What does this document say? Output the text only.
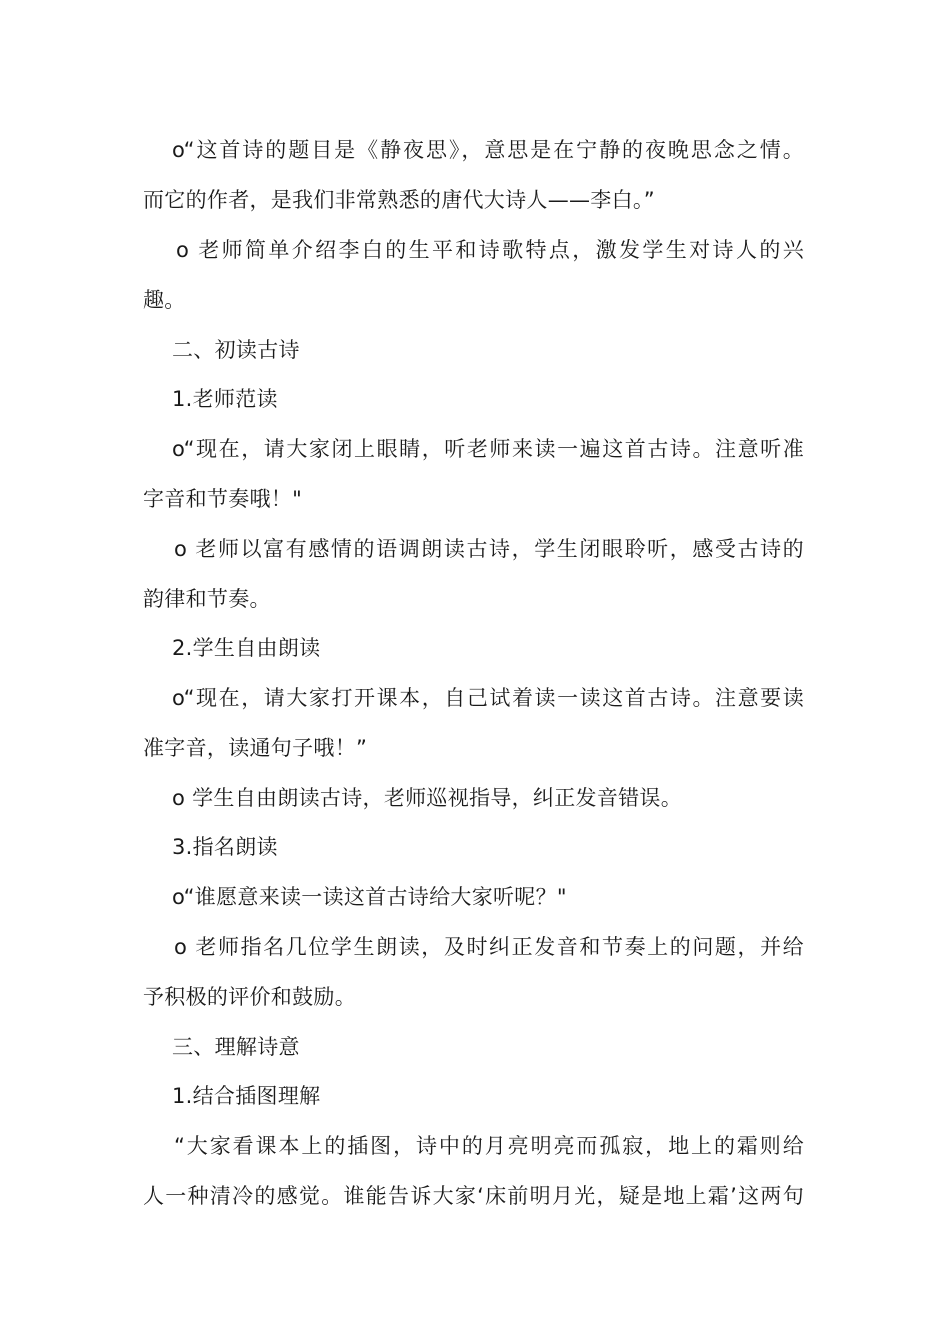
o“这首诗的题目是《静夜思》，意思是在宁静的夜晚思念之情。
而它的作者，是我们非常熟悉的唐代大诗人——李白。”
o 老师简单介绍李白的生平和诗歌特点，激发学生对诗人的兴
趣。
二、初读古诗
1.老师范读
o“现在，请大家闭上眼睛，听老师来读一遍这首古诗。注意听准
字音和节奏哦！"
o 老师以富有感情的语调朗读古诗，学生闭眼聆听，感受古诗的
韵律和节奏。
2.学生自由朗读
o“现在，请大家打开课本，自己试着读一读这首古诗。注意要读
准字音，读通句子哦！”
o 学生自由朗读古诗，老师巡视指导，纠正发音错误。
3.指名朗读
o“谁愿意来读一读这首古诗给大家听呢？"
o 老师指名几位学生朗读，及时纠正发音和节奏上的问题，并给
予积极的评价和鼓励。
三、理解诗意
1.结合插图理解
“大家看课本上的插图，诗中的月亮明亮而孤寂，地上的霜则给
人一种清冷的感觉。谁能告诉大家‘床前明月光，疑是地上霜’这两句
